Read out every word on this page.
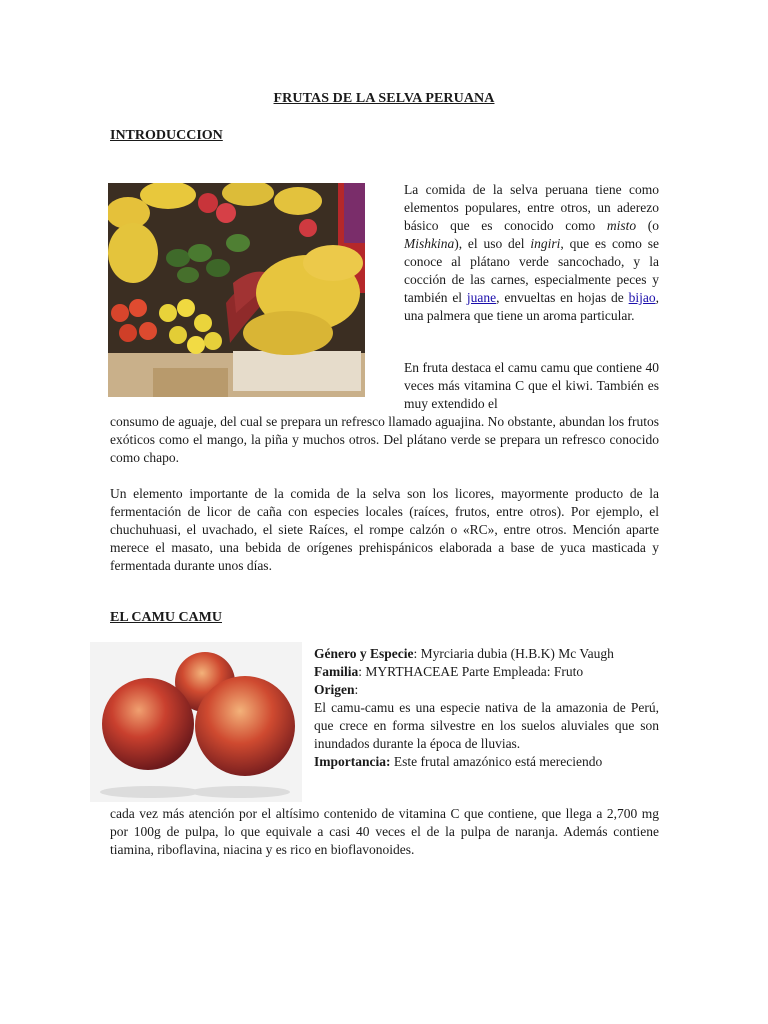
FRUTAS DE LA SELVA PERUANA
INTRODUCCION
La comida de la selva peruana tiene como elementos populares, entre otros, un aderezo básico que es conocido como misto (o Mishkina), el uso del ingiri, que es como se conoce al plátano verde sancochado, y la cocción de las carnes, especialmente peces y también el juane, envueltas en hojas de bijao, una palmera que tiene un aroma particular.
En fruta destaca el camu camu que contiene 40 veces más vitamina C que el kiwi. También es muy extendido el
consumo de aguaje, del cual se prepara un refresco llamado aguajina. No obstante, abundan los frutos exóticos como el mango, la piña y muchos otros. Del plátano verde se prepara un refresco conocido como chapo.
Un elemento importante de la comida de la selva son los licores, mayormente producto de la fermentación de licor de caña con especies locales (raíces, frutos, entre otros). Por ejemplo, el chuchuhuasi, el uvachado, el siete Raíces, el rompe calzón o «RC», entre otros. Mención aparte merece el masato, una bebida de orígenes prehispánicos elaborada a base de yuca masticada y fermentada durante unos días.
EL CAMU CAMU
Género y Especie: Myrciaria dubia (H.B.K) Mc Vaugh
Familia: MYRTHACEAE Parte Empleada: Fruto
Origen:
El camu-camu es una especie nativa de la amazonia de Perú, que crece en forma silvestre en los suelos aluviales que son inundados durante la época de lluvias.
Importancia: Este frutal amazónico está mereciendo
cada vez más atención por el altísimo contenido de vitamina C que contiene, que llega a 2,700 mg por 100g de pulpa, lo que equivale a casi 40 veces el de la pulpa de naranja. Además contiene tiamina, riboflavina, niacina y es rico en bioflavonoides.
